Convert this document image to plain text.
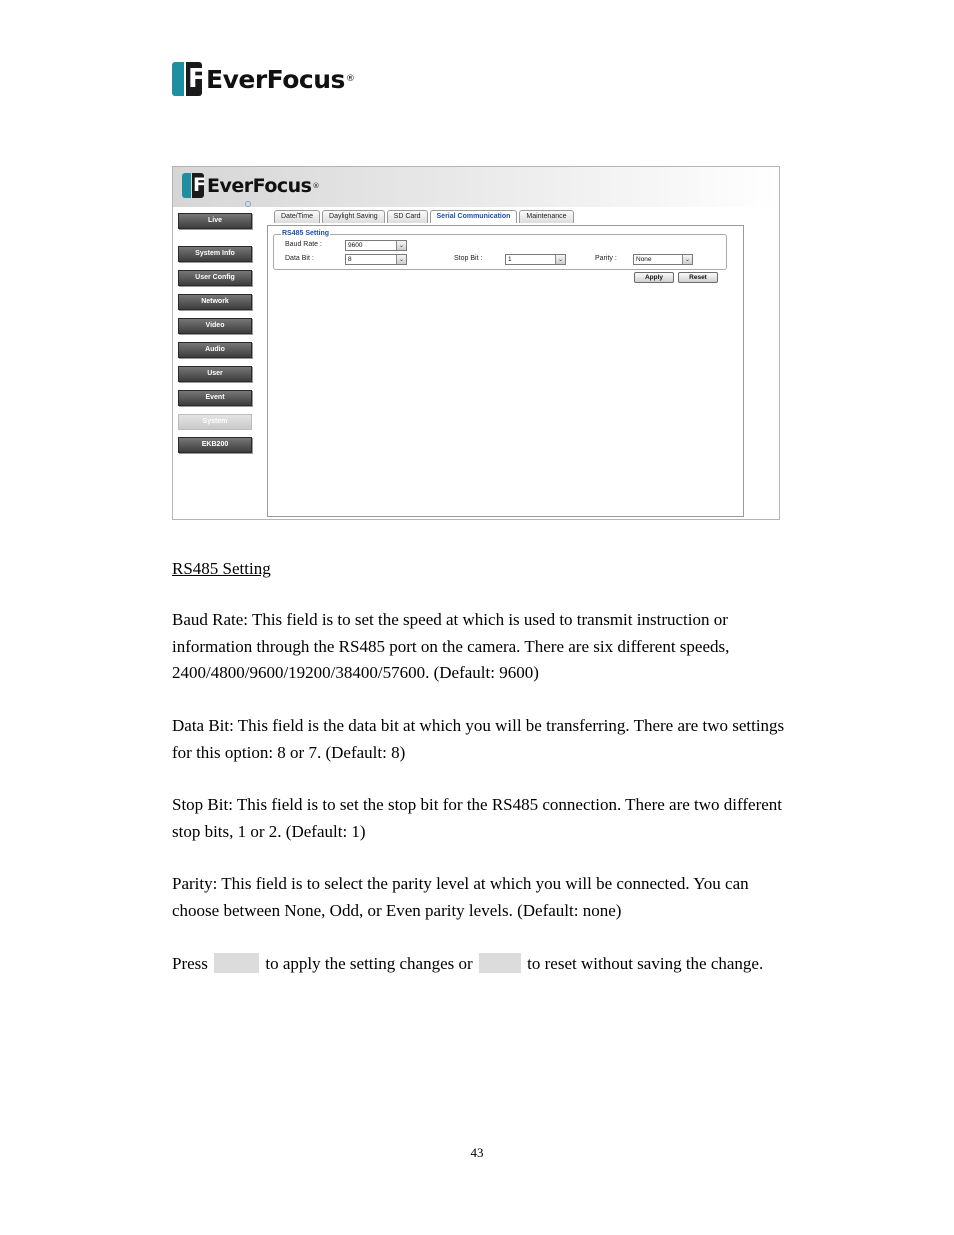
F EverFocus ®
F EverFocus ®
Live
System Info
User Config
Network
Video
Audio
User
Event
System
EKB200
Date/Time	Daylight Saving	SD Card	Serial Communication	Maintenance
RS485 Setting
Baud Rate :	9600	⌄
Data Bit :	8	⌄	Stop Bit :	1	⌄	Parity :	None	⌄
Apply	Reset
RS485 Setting
Baud Rate: This field is to set the speed at which is used to transmit instruction or information through the RS485 port on the camera. There are six different speeds, 2400/4800/9600/19200/38400/57600. (Default: 9600)
Data Bit: This field is the data bit at which you will be transferring. There are two settings for this option: 8 or 7. (Default: 8)
Stop Bit: This field is to set the stop bit for the RS485 connection. There are two different stop bits, 1 or 2. (Default: 1)
Parity: This field is to select the parity level at which you will be connected. You can choose between None, Odd, or Even parity levels. (Default: none)
Press	to apply the setting changes or	to reset without saving the change.
43
